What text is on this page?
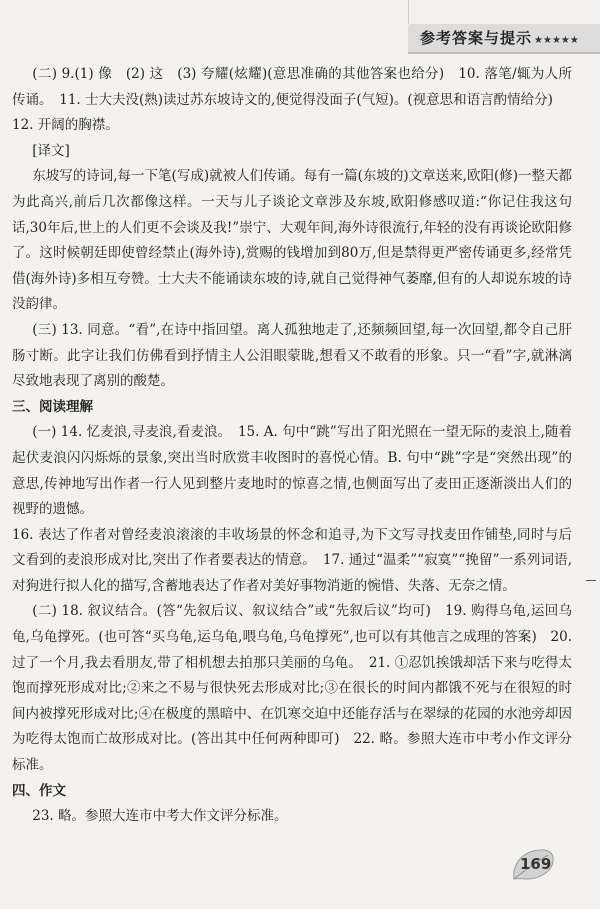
参考答案与提示 ★★★★★

(二) 9.(1) 像　(2) 这　(3) 夸耀(炫耀)(意思准确的其他答案也给分)　10. 落笔/辄为人所传诵。　11. 士大夫没(熟)读过苏东坡诗文的,便觉得没面子(气短)。(视意思和语言酌情给分)

12. 开阔的胸襟。

[译文]

东坡写的诗词,每一下笔(写成)就被人们传诵。每有一篇(东坡的)文章送来,欧阳(修)一整天都为此高兴,前后几次都像这样。一天与儿子谈论文章涉及东坡,欧阳修感叹道:“你记住我这句话,30年后,世上的人们更不会谈及我!”崇宁、大观年间,海外诗很流行,年轻的没有再谈论欧阳修了。这时候朝廷即使曾经禁止(海外诗),赏赐的钱增加到80万,但是禁得更严密传诵更多,经常凭借(海外诗)多相互夸赞。士大夫不能诵读东坡的诗,就自己觉得神气萎靡,但有的人却说东坡的诗没韵律。

(三) 13. 同意。“看”,在诗中指回望。离人孤独地走了,还频频回望,每一次回望,都令自己肝肠寸断。此字让我们仿佛看到抒情主人公泪眼蒙眬,想看又不敢看的形象。只一“看”字,就淋漓尽致地表现了离别的酸楚。

三、阅读理解

(一) 14. 忆麦浪,寻麦浪,看麦浪。　15. A. 句中“跳”写出了阳光照在一望无际的麦浪上,随着起伏麦浪闪闪烁烁的景象,突出当时欣赏丰收图时的喜悦心情。B. 句中“跳”字是“突然出现”的意思,传神地写出作者一行人见到整片麦地时的惊喜之情,也侧面写出了麦田正逐渐淡出人们的视野的遗憾。

16. 表达了作者对曾经麦浪滚滚的丰收场景的怀念和追寻,为下文写寻找麦田作铺垫,同时与后文看到的麦浪形成对比,突出了作者要表达的情意。　17. 通过“温柔”“寂寞”“挽留”一系列词语,对狗进行拟人化的描写,含蓄地表达了作者对美好事物消逝的惋惜、失落、无奈之情。

(二) 18. 叙议结合。(答“先叙后议、叙议结合”或“先叙后议”均可)　19. 购得乌龟,运回乌龟,乌龟撑死。(也可答“买乌龟,运乌龟,喂乌龟,乌龟撑死”,也可以有其他言之成理的答案)　20. 过了一个月,我去看朋友,带了相机想去拍那只美丽的乌龟。　21. ①忍饥挨饿却活下来与吃得太饱而撑死形成对比;②来之不易与很快死去形成对比;③在很长的时间内都饿不死与在很短的时间内被撑死形成对比;④在极度的黑暗中、在饥寒交迫中还能存活与在翠绿的花园的水池旁却因为吃得太饱而亡故形成对比。(答出其中任何两种即可)　22. 略。参照大连市中考小作文评分标准。

四、作文

23. 略。参照大连市中考大作文评分标准。

169
